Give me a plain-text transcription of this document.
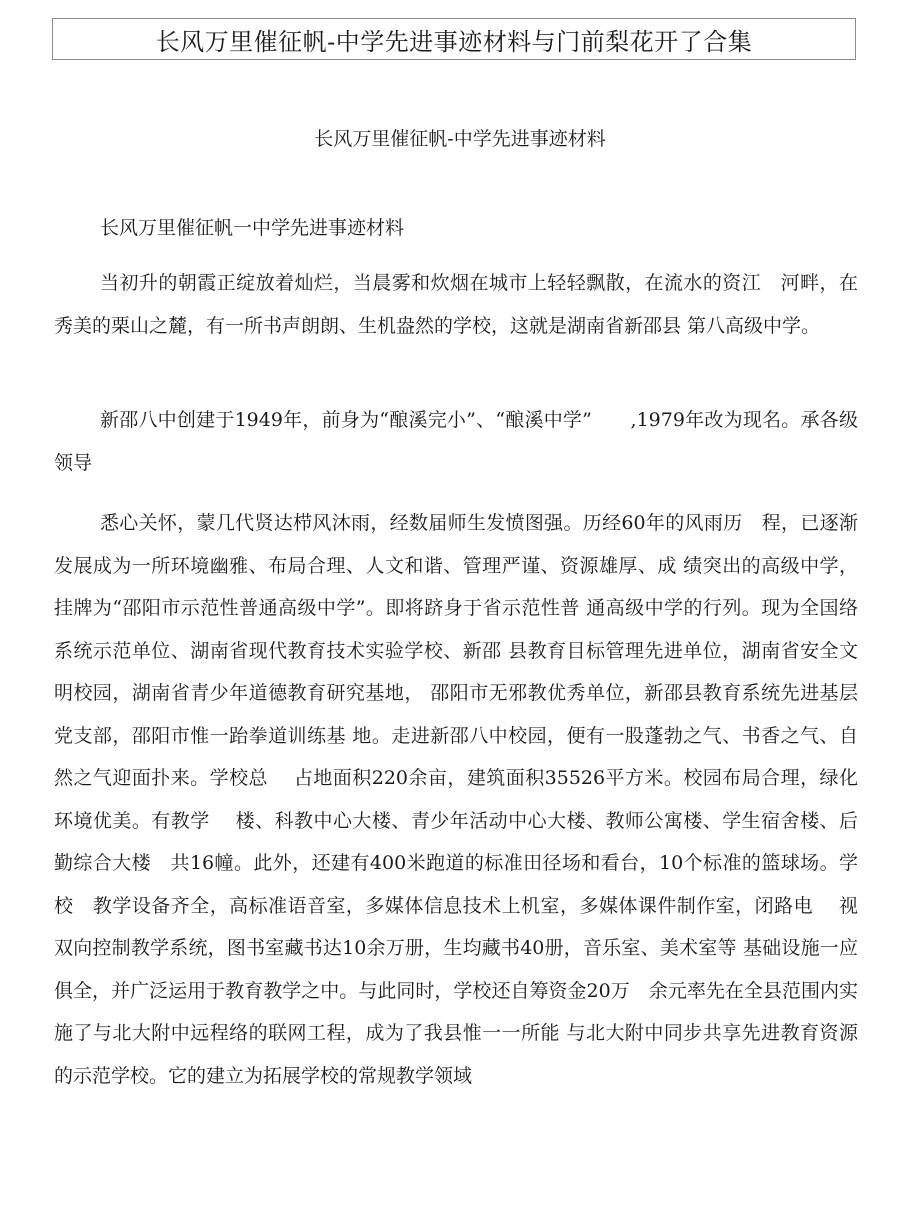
长风万里催征帆-中学先进事迹材料与门前梨花开了合集
长风万里催征帆-中学先进事迹材料
长风万里催征帆一中学先进事迹材料

当初升的朝霞正绽放着灿烂，当晨雾和炊烟在城市上轻轻飘散，在流水的资江　河畔，在秀美的栗山之麓，有一所书声朗朗、生机盎然的学校，这就是湖南省新邵县 第八高级中学。

新邵八中创建于1949年，前身为“酿溪完小”、“酿溪中学”　　,1979年改为现名。承各级领导

悉心关怀，蒙几代贤达栉风沐雨，经数届师生发愤图强。历经60年的风雨历　程，已逐渐发展成为一所环境幽雅、布局合理、人文和谐、管理严谨、资源雄厚、成 绩突出的高级中学，挂牌为“邵阳市示范性普通高级中学”。即将跻身于省示范性普 通高级中学的行列。现为全国络系统示范单位、湖南省现代教育技术实验学校、新邵 县教育目标管理先进单位，湖南省安全文明校园，湖南省青少年道德教育研究基地， 邵阳市无邪教优秀单位，新邵县教育系统先进基层党支部，邵阳市惟一跆拳道训练基 地。走进新邵八中校园，便有一股蓬勃之气、书香之气、自然之气迎面扑来。学校总　 占地面积220余亩，建筑面积35526平方米。校园布局合理，绿化环境优美。有教学　 楼、科教中心大楼、青少年活动中心大楼、教师公寓楼、学生宿舍楼、后勤综合大楼　共16幢。此外，还建有400米跑道的标准田径场和看台，10个标准的篮球场。学校　教学设备齐全，高标准语音室，多媒体信息技术上机室，多媒体课件制作室，闭路电　 视双向控制教学系统，图书室藏书达10余万册，生均藏书40册，音乐室、美术室等 基础设施一应俱全，并广泛运用于教育教学之中。与此同时，学校还自筹资金20万　余元率先在全县范围内实施了与北大附中远程络的联网工程，成为了我县惟一一所能 与北大附中同步共享先进教育资源的示范学校。它的建立为拓展学校的常规教学领域
